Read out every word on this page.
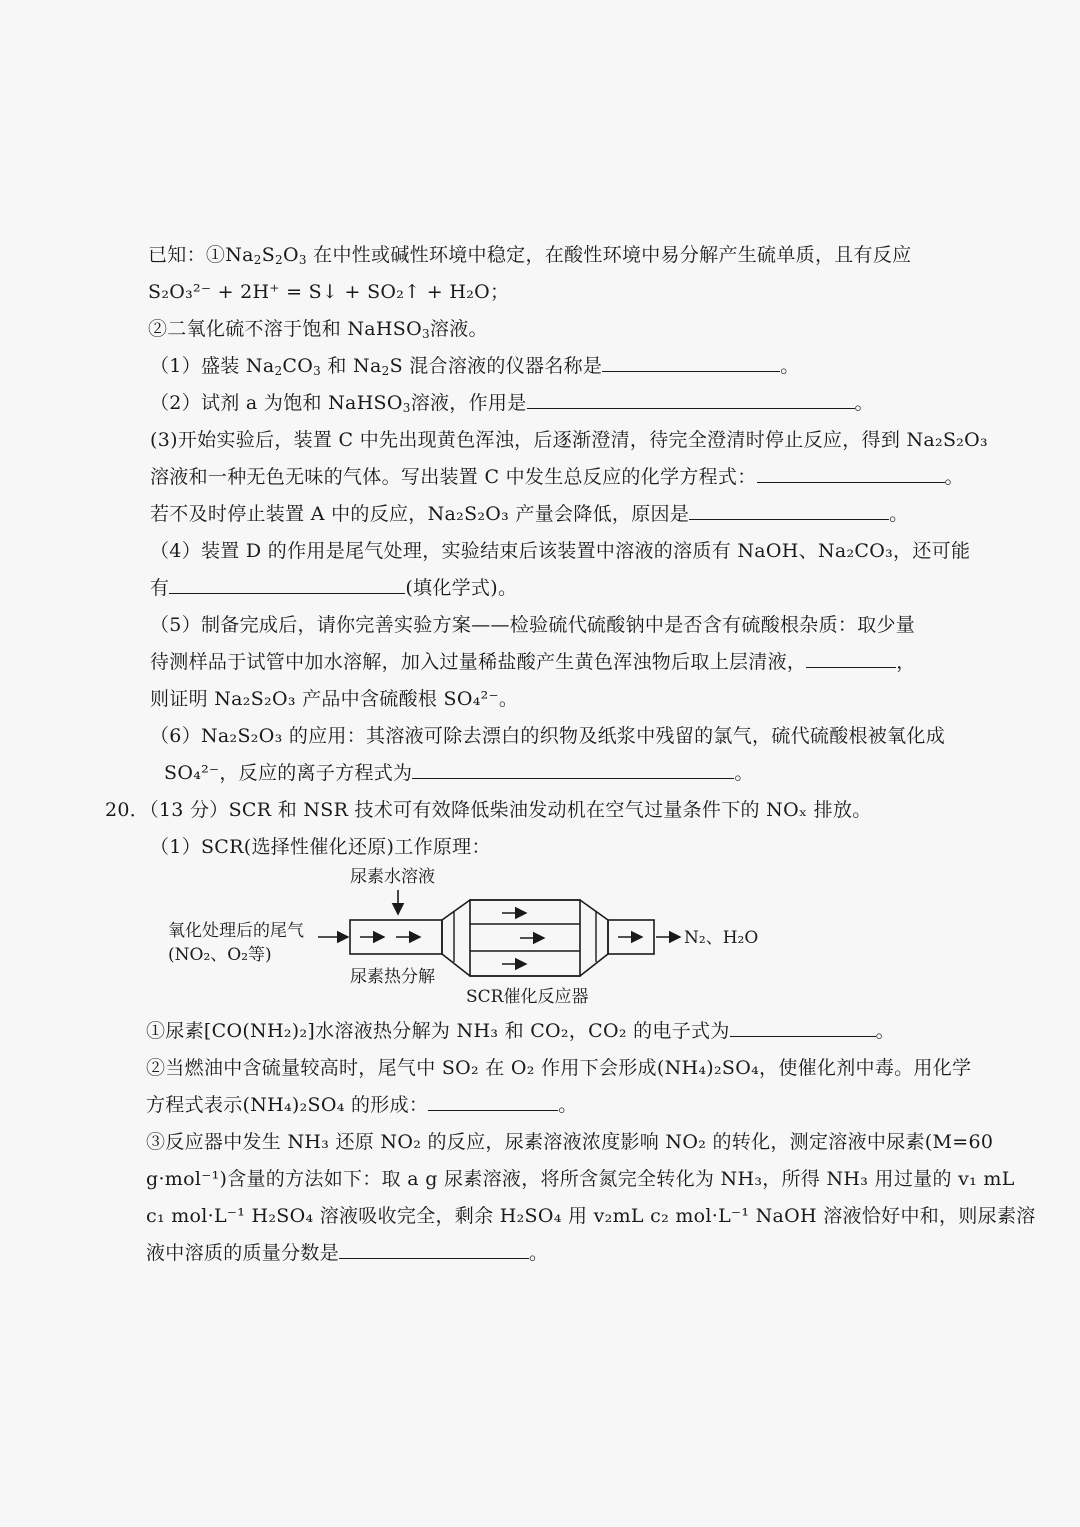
已知：$①Na_2S_2O_3$ 在中性或碱性环境中稳定，在酸性环境中易分解产生硫单质，且有反应
S₂O₃²⁻ + 2H⁺ = S↓ + SO₂↑ + H₂O；
②二氧化硫不溶于饱和 NaHSO$_3$溶液。
（1）盛装 $Na_2CO_3$ 和 $Na_2S$ 混合溶液的仪器名称是	。
（2）试剂 a 为饱和 NaHSO$_3$溶液，作用是	。
(3)开始实验后，装置 C 中先出现黄色浑浊，后逐渐澄清，待完全澄清时停止反应，得到 Na₂S₂O₃
溶液和一种无色无味的气体。写出装置 C 中发生总反应的化学方程式：	。
若不及时停止装置 A 中的反应，Na₂S₂O₃ 产量会降低，原因是	。
（4）装置 D 的作用是尾气处理，实验结束后该装置中溶液的溶质有 NaOH、Na₂CO₃，还可能
有	(填化学式)。
（5）制备完成后，请你完善实验方案——检验硫代硫酸钠中是否含有硫酸根杂质：取少量
待测样品于试管中加水溶解，加入过量稀盐酸产生黄色浑浊物后取上层清液，	，
则证明 Na₂S₂O₃ 产品中含硫酸根 SO₄²⁻。
（6）Na₂S₂O₃ 的应用：其溶液可除去漂白的织物及纸浆中残留的氯气，硫代硫酸根被氧化成
SO₄²⁻，反应的离子方程式为	。
20．（13 分）SCR 和 NSR 技术可有效降低柴油发动机在空气过量条件下的 NOₓ 排放。
（1）SCR(选择性催化还原)工作原理：
尿素水溶液
氧化处理后的尾气
(NO₂、O₂等)
尿素热分解
SCR催化反应器
N₂、H₂O
①尿素[CO(NH₂)₂]水溶液热分解为 NH₃ 和 CO₂，CO₂ 的电子式为	。
②当燃油中含硫量较高时，尾气中 SO₂ 在 O₂ 作用下会形成(NH₄)₂SO₄，使催化剂中毒。用化学
方程式表示(NH₄)₂SO₄ 的形成：	。
③反应器中发生 NH₃ 还原 NO₂ 的反应，尿素溶液浓度影响 NO₂ 的转化，测定溶液中尿素(M=60
g·mol⁻¹)含量的方法如下：取 a g 尿素溶液，将所含氮完全转化为 NH₃，所得 NH₃ 用过量的 v₁ mL
c₁ mol·L⁻¹ H₂SO₄ 溶液吸收完全，剩余 H₂SO₄ 用 v₂mL c₂ mol·L⁻¹ NaOH 溶液恰好中和，则尿素溶
液中溶质的质量分数是	。
